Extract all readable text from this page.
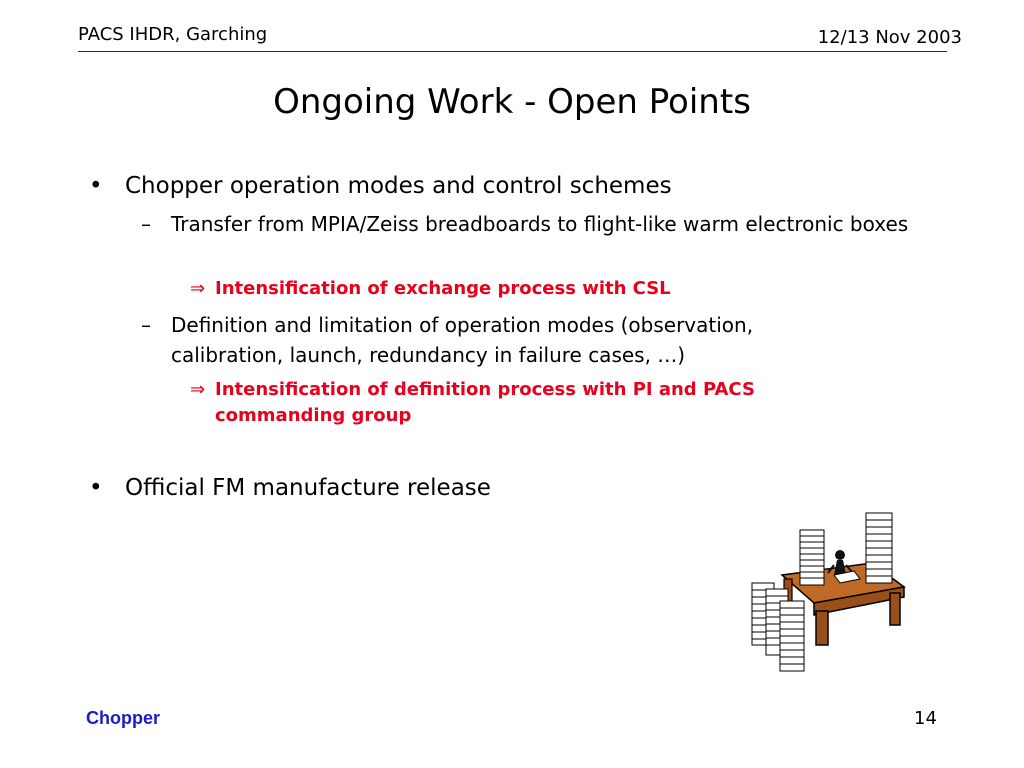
PACS IHDR, Garching	12/13 Nov 2003
Ongoing Work - Open Points
• Chopper operation modes and control schemes
– Transfer from MPIA/Zeiss breadboards to flight-like warm electronic boxes
⇒ Intensification of exchange process with CSL
– Definition and limitation of operation modes (observation, calibration, launch, redundancy in failure cases, …)
⇒ Intensification of definition process with PI and PACS commanding group
• Official FM manufacture release
Chopper	14
